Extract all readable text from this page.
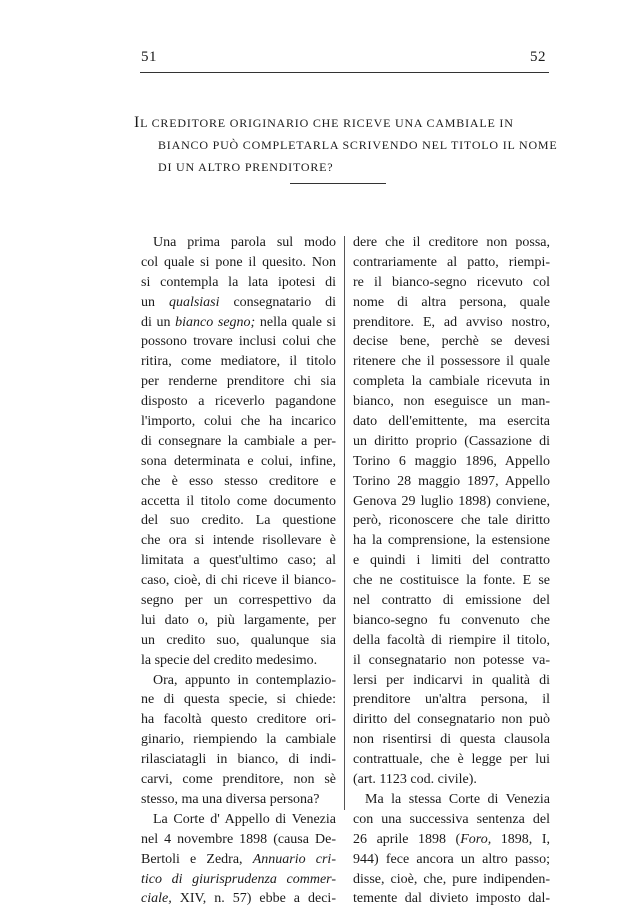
51	52
IL CREDITORE ORIGINARIO CHE RICEVE UNA CAMBIALE IN
BIANCO PUÒ COMPLETARLA SCRIVENDO NEL TITOLO IL NOME
DI UN ALTRO PRENDITORE?
Una prima parola sul modo
col quale si pone il quesito. Non
si contempla la lata ipotesi di
un qualsiasi consegnatario di
di un bianco segno; nella quale si
possono trovare inclusi colui che
ritira, come mediatore, il titolo
per renderne prenditore chi sia
disposto a riceverlo pagandone
l'importo, colui che ha incarico
di consegnare la cambiale a per-
sona determinata e colui, infine,
che è esso stesso creditore e
accetta il titolo come documento
del suo credito. La questione
che ora si intende risollevare è
limitata a quest'ultimo caso; al
caso, cioè, di chi riceve il bianco-
segno per un correspettivo da
lui dato o, più largamente, per
un credito suo, qualunque sia
la specie del credito medesimo.
Ora, appunto in contemplazio-
ne di questa specie, si chiede:
ha facoltà questo creditore ori-
ginario, riempiendo la cambiale
rilasciatagli in bianco, di indi-
carvi, come prenditore, non sè
stesso, ma una diversa persona?
La Corte d' Appello di Venezia
nel 4 novembre 1898 (causa De-
Bertoli e Zedra, Annuario cri-
tico di giurisprudenza commer-
ciale, XIV, n. 57) ebbe a deci-
dere che il creditore non possa,
contrariamente al patto, riempi-
re il bianco-segno ricevuto col
nome di altra persona, quale
prenditore. E, ad avviso nostro,
decise bene, perchè se devesi
ritenere che il possessore il quale
completa la cambiale ricevuta in
bianco, non eseguisce un man-
dato dell'emittente, ma esercita
un diritto proprio (Cassazione di
Torino 6 maggio 1896, Appello
Torino 28 maggio 1897, Appello
Genova 29 luglio 1898) conviene,
però, riconoscere che tale diritto
ha la comprensione, la estensione
e quindi i limiti del contratto
che ne costituisce la fonte. E se
nel contratto di emissione del
bianco-segno fu convenuto che
della facoltà di riempire il titolo,
il consegnatario non potesse va-
lersi per indicarvi in qualità di
prenditore un'altra persona, il
diritto del consegnatario non può
non risentirsi di questa clausola
contrattuale, che è legge per lui
(art. 1123 cod. civile).
Ma la stessa Corte di Venezia
con una successiva sentenza del
26 aprile 1898 (Foro, 1898, I,
944) fece ancora un altro passo;
disse, cioè, che, pure indipenden-
temente dal divieto imposto dal-
